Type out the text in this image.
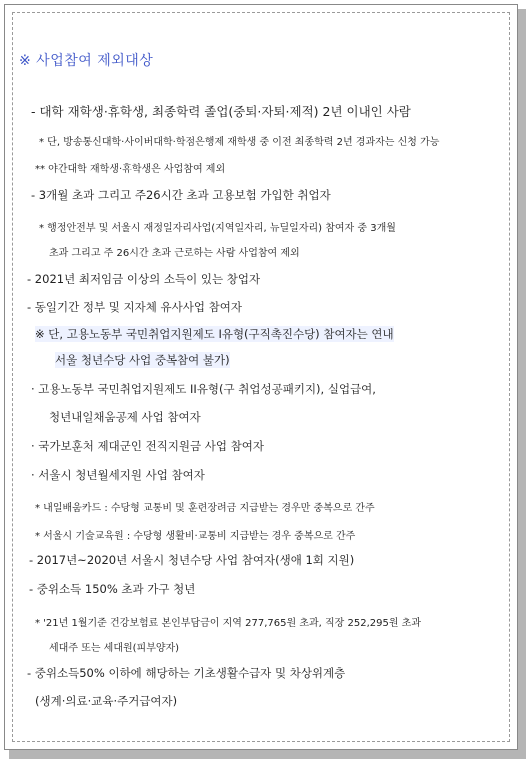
※ 사업참여 제외대상
- 대학 재학생·휴학생, 최종학력 졸업(중퇴·자퇴·제적) 2년 이내인 사람
* 단, 방송통신대학·사이버대학·학점은행제 재학생 중 이전 최종학력 2년 경과자는 신청 가능
** 야간대학 재학생·휴학생은 사업참여 제외
- 3개월 초과 그리고 주26시간 초과 고용보험 가입한 취업자
* 행정안전부 및 서울시 재정일자리사업(지역일자리, 뉴딜일자리) 참여자 중 3개월
초과 그리고 주 26시간 초과 근로하는 사람 사업참여 제외
- 2021년 최저임금 이상의 소득이 있는 창업자
- 동일기간 정부 및 지자체 유사사업 참여자
※ 단, 고용노동부 국민취업지원제도 I유형(구직촉진수당) 참여자는 연내
서울 청년수당 사업 중복참여 불가)
· 고용노동부 국민취업지원제도 II유형(구 취업성공패키지), 실업급여,
청년내일채움공제 사업 참여자
· 국가보훈처 제대군인 전직지원금 사업 참여자
· 서울시 청년월세지원 사업 참여자
* 내일배움카드 : 수당형 교통비 및 훈련장려금 지급받는 경우만 중복으로 간주
* 서울시 기술교육원 : 수당형 생활비·교통비 지급받는 경우 중복으로 간주
- 2017년~2020년 서울시 청년수당 사업 참여자(생애 1회 지원)
- 중위소득 150% 초과 가구 청년
* '21년 1월기준 건강보험료 본인부담금이 지역 277,765원 초과, 직장 252,295원 초과
세대주 또는 세대원(피부양자)
- 중위소득50% 이하에 해당하는 기초생활수급자 및 차상위계층
(생계·의료·교육·주거급여자)
